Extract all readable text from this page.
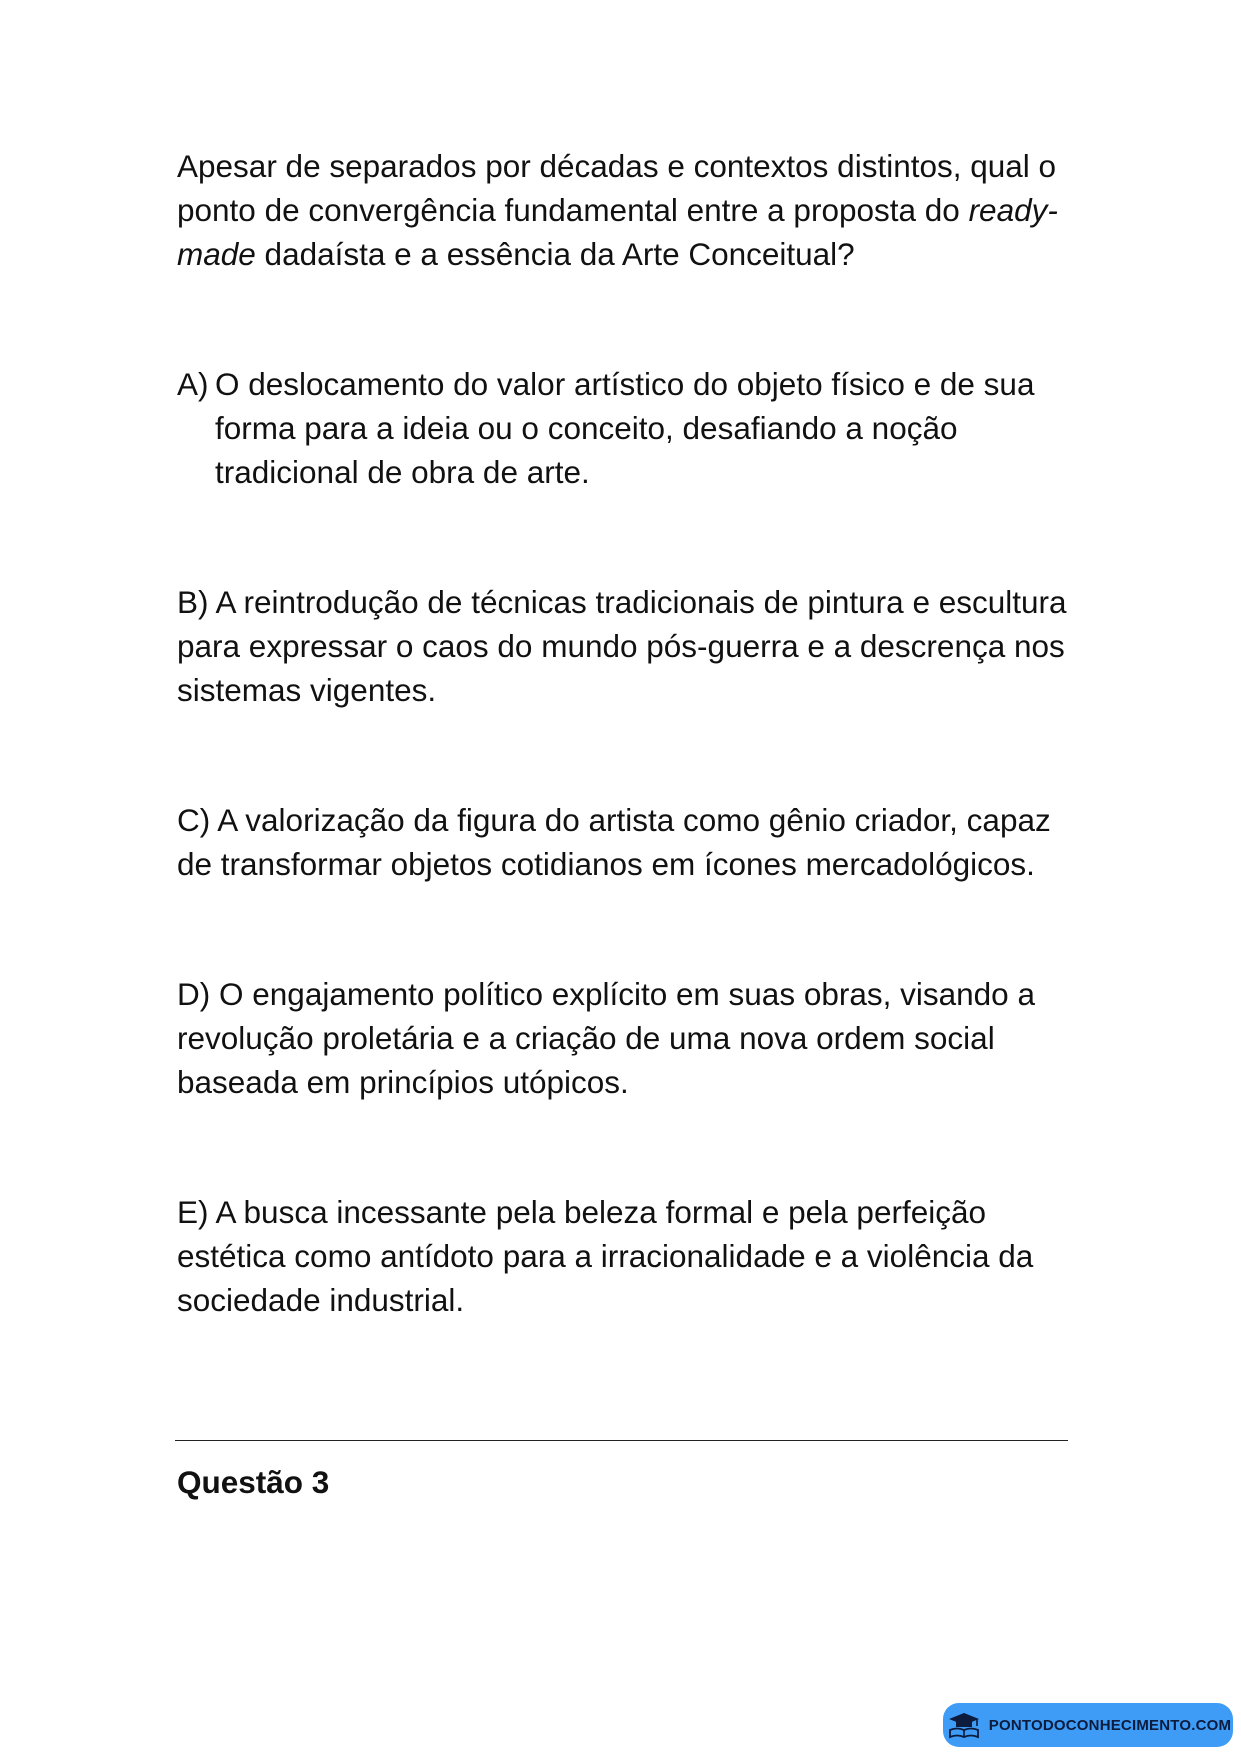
Apesar de separados por décadas e contextos distintos, qual o ponto de convergência fundamental entre a proposta do ready-made dadaísta e a essência da Arte Conceitual?

A) O deslocamento do valor artístico do objeto físico e de sua forma para a ideia ou o conceito, desafiando a noção tradicional de obra de arte.

B) A reintrodução de técnicas tradicionais de pintura e escultura para expressar o caos do mundo pós-guerra e a descrença nos sistemas vigentes.

C) A valorização da figura do artista como gênio criador, capaz de transformar objetos cotidianos em ícones mercadológicos.

D) O engajamento político explícito em suas obras, visando a revolução proletária e a criação de uma nova ordem social baseada em princípios utópicos.

E) A busca incessante pela beleza formal e pela perfeição estética como antídoto para a irracionalidade e a violência da sociedade industrial.

Questão 3
PONTODOCONHECIMENTO.COM
